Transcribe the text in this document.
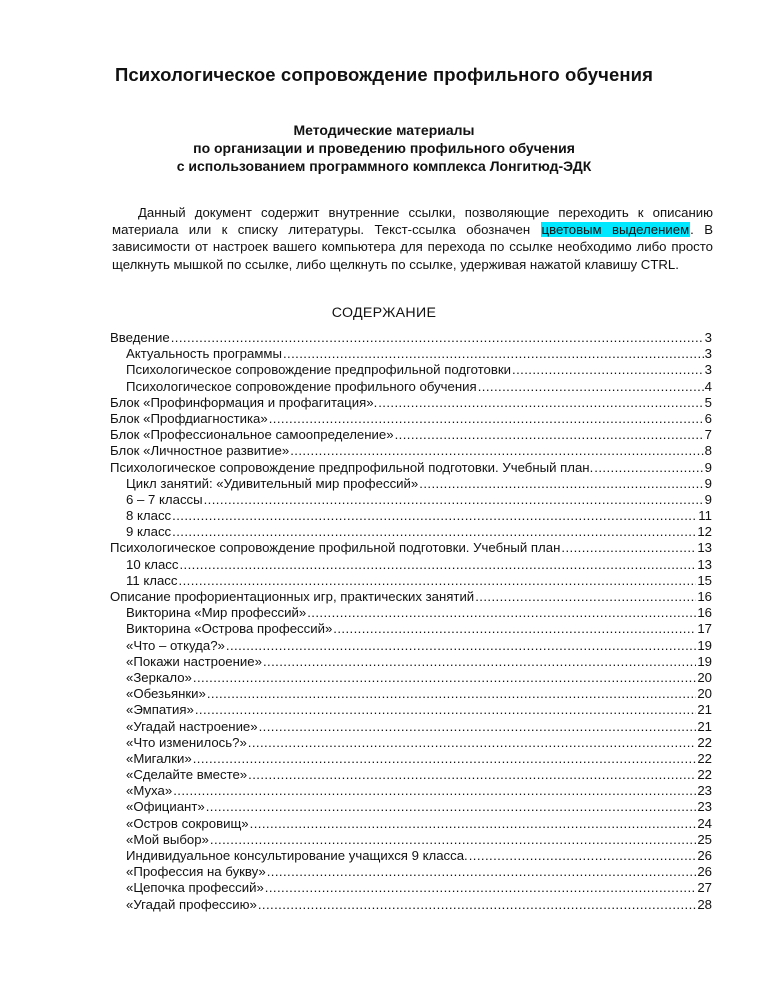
Психологическое сопровождение профильного обучения
Методические материалы
по организации и проведению профильного обучения
с использованием программного комплекса Лонгитюд-ЭДК
Данный документ содержит внутренние ссылки, позволяющие переходить к описанию материала или к списку литературы. Текст-ссылка обозначен цветовым выделением. В зависимости от настроек вашего компьютера для перехода по ссылке необходимо либо просто щелкнуть мышкой по ссылке, либо щелкнуть по ссылке, удерживая нажатой клавишу CTRL.
СОДЕРЖАНИЕ
Введение .....	3
Актуальность программы .....	3
Психологическое сопровождение предпрофильной подготовки .....	3
Психологическое сопровождение профильного обучения .....	4
Блок «Профинформация и профагитация». .....	5
Блок «Профдиагностика» .....	6
Блок «Профессиональное самоопределение» .....	7
Блок «Личностное развитие» .....	8
Психологическое сопровождение предпрофильной подготовки. Учебный план. .....	9
Цикл занятий: «Удивительный мир профессий» .....	9
6 – 7 классы .....	9
8 класс .....	11
9 класс .....	12
Психологическое сопровождение профильной подготовки. Учебный план .....	13
10 класс .....	13
11 класс .....	15
Описание профориентационных игр, практических занятий .....	16
Викторина «Мир профессий» .....	16
Викторина «Острова профессий» .....	17
«Что – откуда?» .....	19
«Покажи настроение» .....	19
«Зеркало» .....	20
«Обезьянки» .....	20
«Эмпатия» .....	21
«Угадай настроение» .....	21
«Что изменилось?» .....	22
«Мигалки» .....	22
«Сделайте вместе» .....	22
«Муха» .....	23
«Официант» .....	23
«Остров сокровищ» .....	24
«Мой выбор» .....	25
Индивидуальное консультирование учащихся 9 класса. .....	26
«Профессия на букву» .....	26
«Цепочка профессий» .....	27
«Угадай профессию» .....	28
